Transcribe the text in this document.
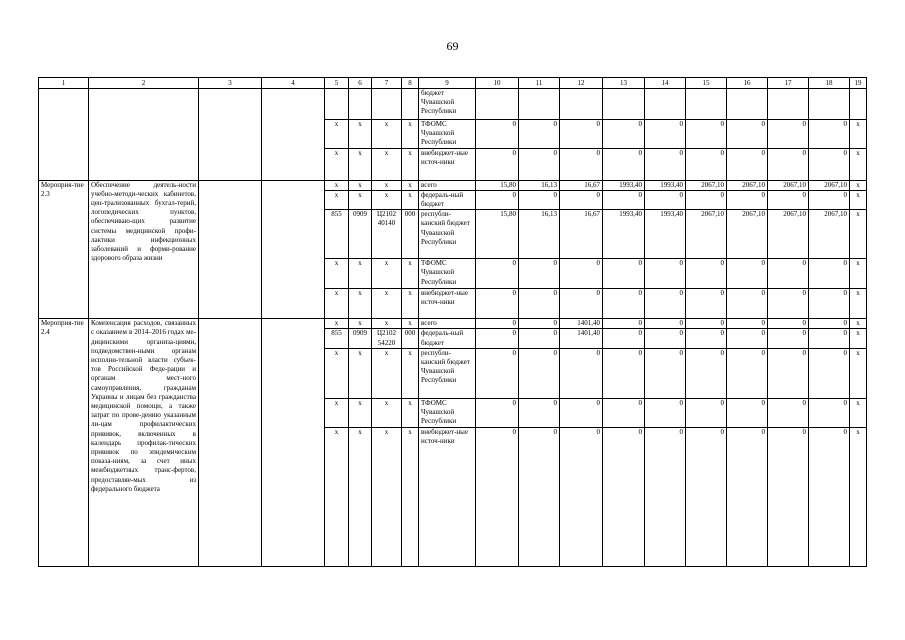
69
1	2	3	4	5	6	7	8	9	10	11	12	13	14	15	16	17	18	19
								бюджет Чувашской Республики										
				x	x	x	x	ТФОМС Чувашской Республики	0	0	0	0	0	0	0	0	0	x
				x	x	x	x	внебюджет-ные источ-ники	0	0	0	0	0	0	0	0	0	x
Мероприя-тие 2.3	Обеспечение деятель-ности учебно-методи-ческих кабинетов, цен-трализованных бухгал-терий, логопедических пунктов, обеспечиваю-щих развитие системы медицинской профи-лактики инфекционных заболеваний и форми-рование здорового образа жизни			x	x	x	x	всего	15,80	16,13	16,67	1993,40	1993,40	2067,10	2067,10	2067,10	2067,10	x
				x	x	x	x	федераль-ный бюджет	0	0	0	0	0	0	0	0	0	x
				855	0909	Ц2102 40140	000	республи-канский бюджет Чувашской Республики	15,80	16,13	16,67	1993,40	1993,40	2067,10	2067,10	2067,10	2067,10	x
				x	x	x	x	ТФОМС Чувашской Республики	0	0	0	0	0	0	0	0	0	x
				x	x	x	x	внебюджет-ные источ-ники	0	0	0	0	0	0	0	0	0	x
Мероприя-тие 2.4	Компенсация расходов, связанных с оказанием в 2014–2016 годах ме-дицинскими организа-циями, подведомствен-ными органам исполни-тельной власти субъек-тов Российской Феде-рации и органам мест-ного самоуправления, гражданам Украины и лицам без гражданства медицинской помощи, а также затрат по прове-дению указанным ли-цам профилактических прививок, включенных в календарь профилак-тических прививок по эпидемическим показа-ниям, за счет иных межбюджетных транс-фертов, предоставляе-мых из федерального бюджета			x	x	x	x	всего	0	0	1401,40	0	0	0	0	0	0	x
				855	0909	Ц2102 54220	000	федераль-ный бюджет	0	0	1401,40	0	0	0	0	0	0	x
				x	x	x	x	республи-канский бюджет Чувашской Республики	0	0	0	0	0	0	0	0	0	x
				x	x	x	x	ТФОМС Чувашской Республики	0	0	0	0	0	0	0	0	0	x
				x	x	x	x	внебюджет-ные источ-ники	0	0	0	0	0	0	0	0	0	x
